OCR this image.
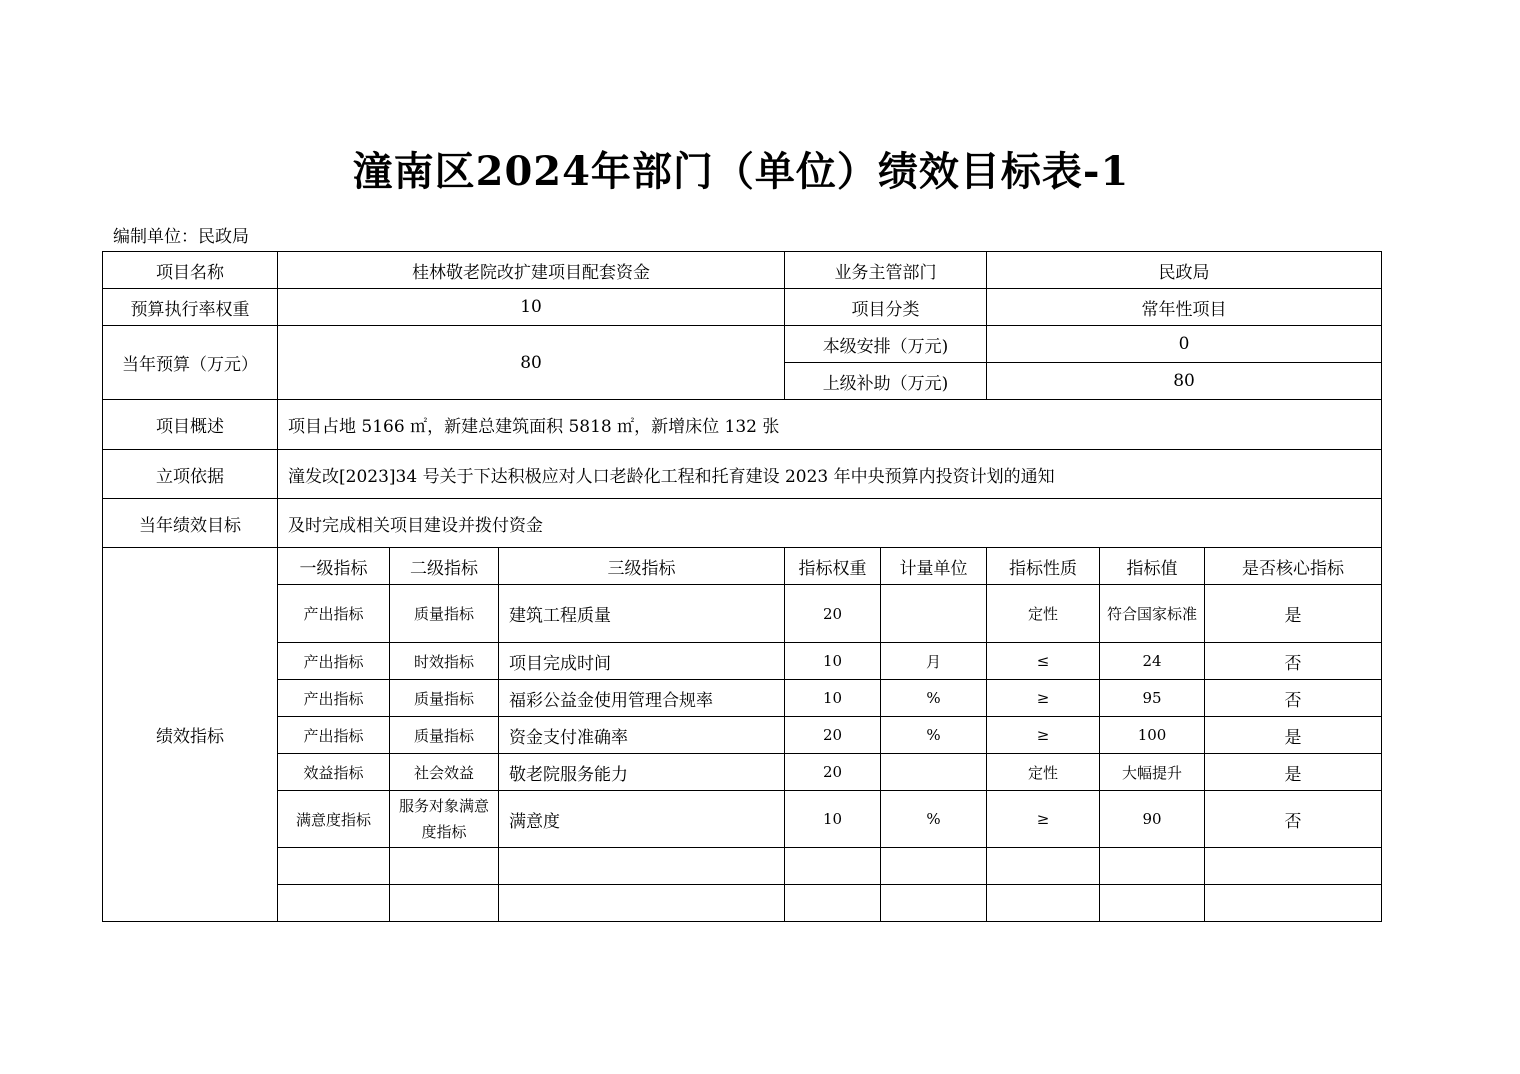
潼南区2024年部门（单位）绩效目标表-1
编制单位：民政局
项目名称	桂林敬老院改扩建项目配套资金			业务主管部门		民政局		
预算执行率权重	10			项目分类		常年性项目		
当年预算（万元）	80			本级安排（万元)		0		
				上级补助（万元)		80		
项目概述	项目占地 5166 ㎡，新建总建筑面积 5818 ㎡，新增床位 132 张							
立项依据	潼发改[2023]34 号关于下达积极应对人口老龄化工程和托育建设 2023 年中央预算内投资计划的通知							
当年绩效目标	及时完成相关项目建设并拨付资金							
绩效指标	一级指标	二级指标	三级指标	指标权重	计量单位	指标性质	指标值	是否核心指标
	产出指标	质量指标	建筑工程质量	20		定性	符合国家标准	是
	产出指标	时效指标	项目完成时间	10	月	≤	24	否
	产出指标	质量指标	福彩公益金使用管理合规率	10	%	≥	95	否
	产出指标	质量指标	资金支付准确率	20	%	≥	100	是
	效益指标	社会效益	敬老院服务能力	20		定性	大幅提升	是
	满意度指标	服务对象满意度指标	满意度	10	%	≥	90	否
